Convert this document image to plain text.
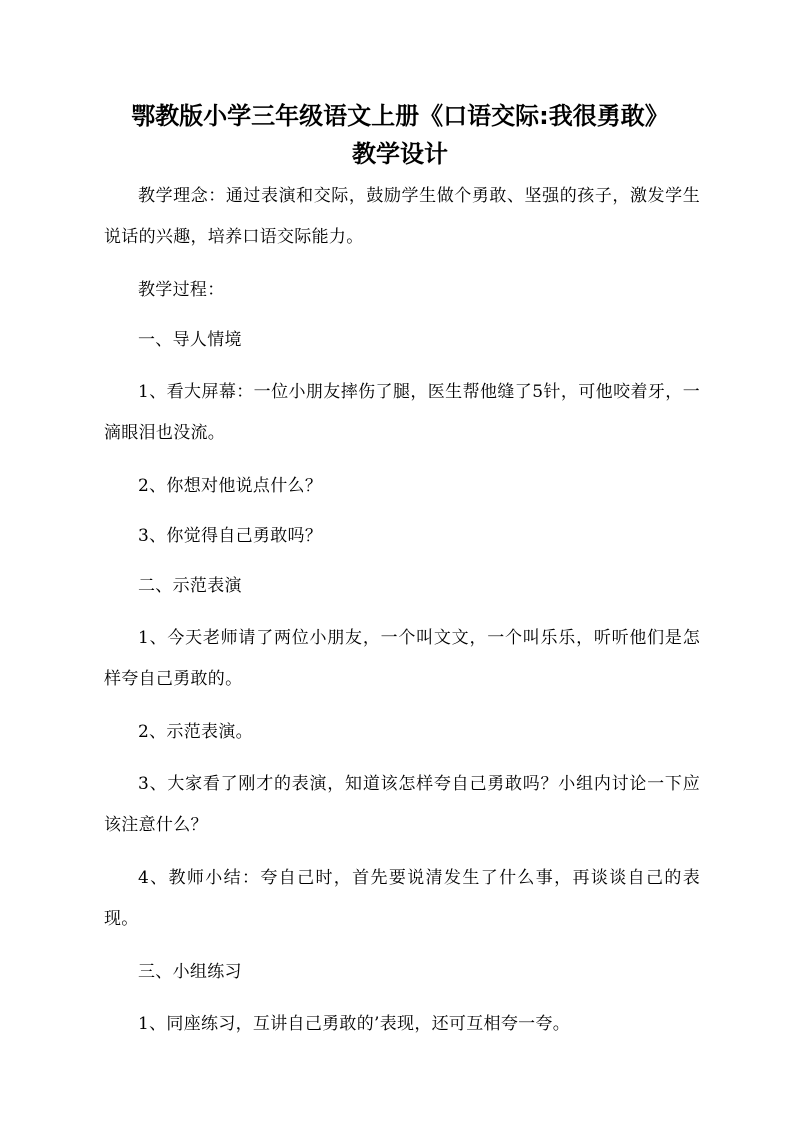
鄂教版小学三年级语文上册《口语交际:我很勇敢》
教学设计
教学理念：通过表演和交际，鼓励学生做个勇敢、坚强的孩子，激发学生说话的兴趣，培养口语交际能力。
教学过程：
一、导人情境
1、看大屏幕：一位小朋友摔伤了腿，医生帮他缝了5针，可他咬着牙，一滴眼泪也没流。
2、你想对他说点什么？
3、你觉得自己勇敢吗？
二、示范表演
1、今天老师请了两位小朋友，一个叫文文，一个叫乐乐，听听他们是怎样夸自己勇敢的。
2、示范表演。
3、大家看了刚才的表演，知道该怎样夸自己勇敢吗？小组内讨论一下应该注意什么？
4、教师小结：夸自己时，首先要说清发生了什么事，再谈谈自己的表现。
三、小组练习
1、同座练习，互讲自己勇敢的’表现，还可互相夸一夸。
